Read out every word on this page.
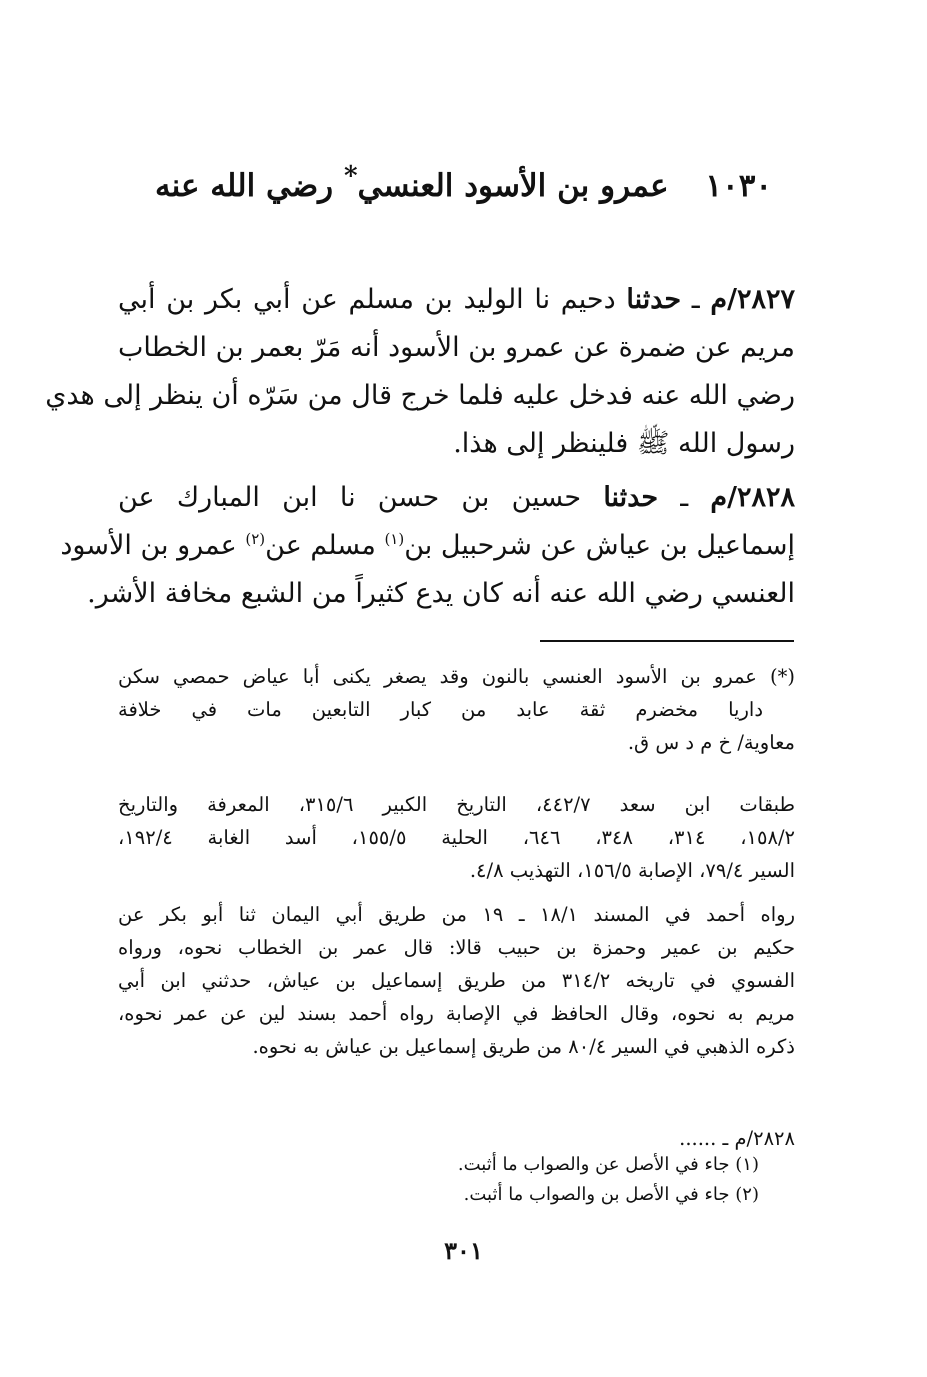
١٠٣٠ عمرو بن الأسود العنسي* رضي الله عنه
٢٨٢٧/م ـ حدثنا دحيم نا الوليد بن مسلم عن أبي بكر بن أبي
مريم عن ضمرة عن عمرو بن الأسود أنه مَرّ بعمر بن الخطاب
رضي الله عنه فدخل عليه فلما خرج قال من سَرّه أن ينظر إلى هدي
رسول الله ﷺ فلينظر إلى هذا.
٢٨٢٨/م ـ حدثنا حسين بن حسن نا ابن المبارك عن
إسماعيل بن عياش عن شرحبيل بن$^{(١)}$ مسلم عن$^{(٢)}$ عمرو بن الأسود
العنسي رضي الله عنه أنه كان يدع كثيراً من الشبع مخافة الأشر.
(*) عمرو بن الأسود العنسي بالنون وقد يصغر يكنى أبا عياض حمصي سكن
داريا مخضرم ثقة عابد من كبار التابعين مات في خلافة
معاوية/ خ م د س ق.
طبقات ابن سعد ٤٤٢/٧، التاريخ الكبير ٣١٥/٦، المعرفة والتاريخ
١٥٨/٢، ٣١٤، ٣٤٨، ٦٤٦، الحلية ١٥٥/٥، أسد الغابة ١٩٢/٤،
السير ٧٩/٤، الإصابة ١٥٦/٥، التهذيب ٤/٨.
رواه أحمد في المسند ١٨/١ ـ ١٩ من طريق أبي اليمان ثنا أبو بكر عن
حكيم بن عمير وحمزة بن حبيب قالا: قال عمر بن الخطاب نحوه، ورواه
الفسوي في تاريخه ٣١٤/٢ من طريق إسماعيل بن عياش، حدثني ابن أبي
مريم به نحوه، وقال الحافظ في الإصابة رواه أحمد بسند لين عن عمر نحوه،
ذكره الذهبي في السير ٨٠/٤ من طريق إسماعيل بن عياش به نحوه.
٢٨٢٨/م ـ ......
(١) جاء في الأصل عن والصواب ما أثبت.
(٢) جاء في الأصل بن والصواب ما أثبت.
٣٠١
